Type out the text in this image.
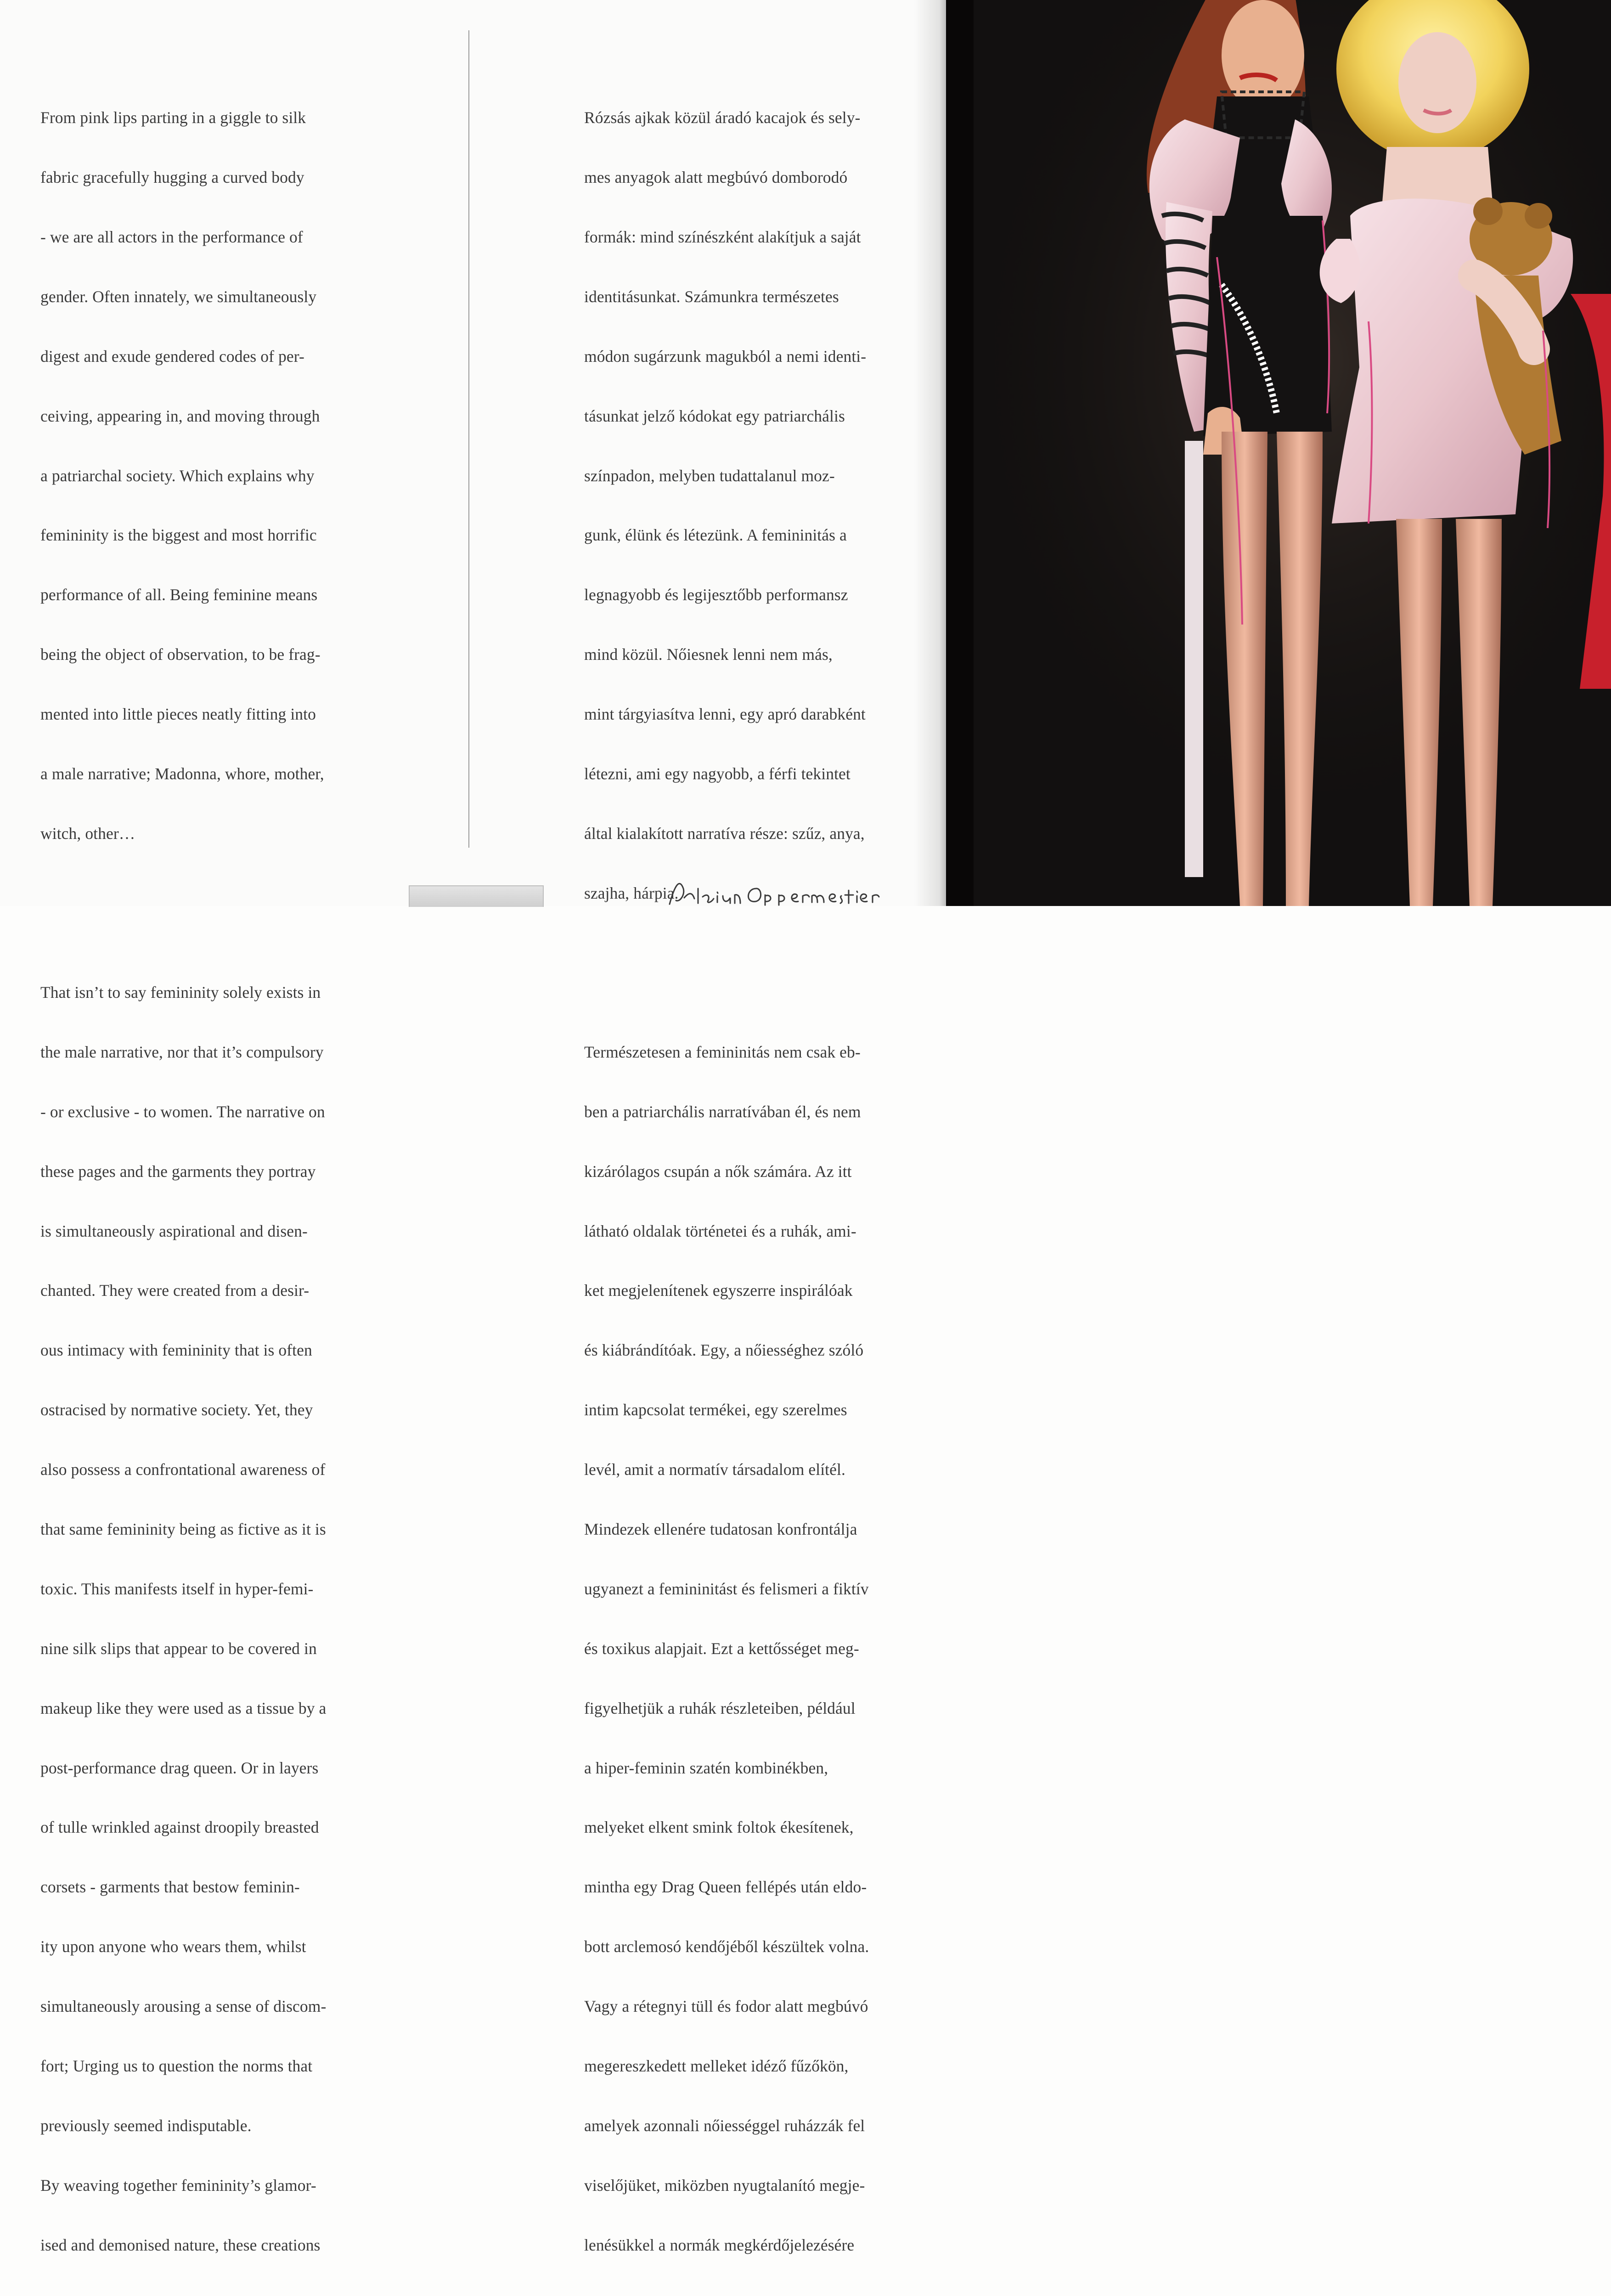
From pink lips parting in a giggle to silk

fabric gracefully hugging a curved body

- we are all actors in the performance of

gender. Often innately, we simultaneously

digest and exude gendered codes of per-

ceiving, appearing in, and moving through

a patriarchal society. Which explains why

femininity is the biggest and most horrific

performance of all. Being feminine means

being the object of observation, to be frag-

mented into little pieces neatly fitting into

a male narrative; Madonna, whore, mother,

witch, other…

That isn’t to say femininity solely exists in

the male narrative, nor that it’s compulsory

- or exclusive - to women. The narrative on

these pages and the garments they portray

is simultaneously aspirational and disen-

chanted. They were created from a desir-

ous intimacy with femininity that is often

ostracised by normative society. Yet, they

also possess a confrontational awareness of

that same femininity being as fictive as it is

toxic. This manifests itself in hyper-femi-

nine silk slips that appear to be covered in

makeup like they were used as a tissue by a

post-performance drag queen. Or in layers

of tulle wrinkled against droopily breasted

corsets - garments that bestow feminin-

ity upon anyone who wears them, whilst

simultaneously arousing a sense of discom-

fort; Urging us to question the norms that

previously seemed indisputable.

By weaving together femininity’s glamor-

ised and demonised nature, these creations

Rózsás ajkak közül áradó kacajok és sely-

mes anyagok alatt megbúvó domborodó

formák: mind színészként alakítjuk a saját

identitásunkat. Számunkra természetes

módon sugárzunk magukból a nemi identi-

tásunkat jelző kódokat egy patriarchális

színpadon, melyben tudattalanul moz-

gunk, élünk és létezünk. A femininitás a

legnagyobb és legijesztőbb performansz

mind közül. Nőiesnek lenni nem más,

mint tárgyiasítva lenni, egy apró darabként

létezni, ami egy nagyobb, a férfi tekintet

által kialakított narratíva része: szűz, anya,

szajha, hárpia.

Természetesen a femininitás nem csak eb-

ben a patriarchális narratívában él, és nem

kizárólagos csupán a nők számára. Az itt

látható oldalak történetei és a ruhák, ami-

ket megjelenítenek egyszerre inspirálóak

és kiábrándítóak. Egy, a nőiességhez szóló

intim kapcsolat termékei, egy szerelmes

levél, amit a normatív társadalom elítél.

Mindezek ellenére tudatosan konfrontálja

ugyanezt a femininitást és felismeri a fiktív

és toxikus alapjait. Ezt a kettősséget meg-

figyelhetjük a ruhák részleteiben, például

a hiper-feminin szatén kombinékben,

melyeket elkent smink foltok ékesítenek,

mintha egy Drag Queen fellépés után eldo-

bott arclemosó kendőjéből készültek volna.

Vagy a rétegnyi tüll és fodor alatt megbúvó

megereszkedett melleket idéző fűzőkön,

amelyek azonnali nőiességgel ruházzák fel

viselőjüket, miközben nyugtalanító megje-

lenésükkel a normák megkérdőjelezésére
